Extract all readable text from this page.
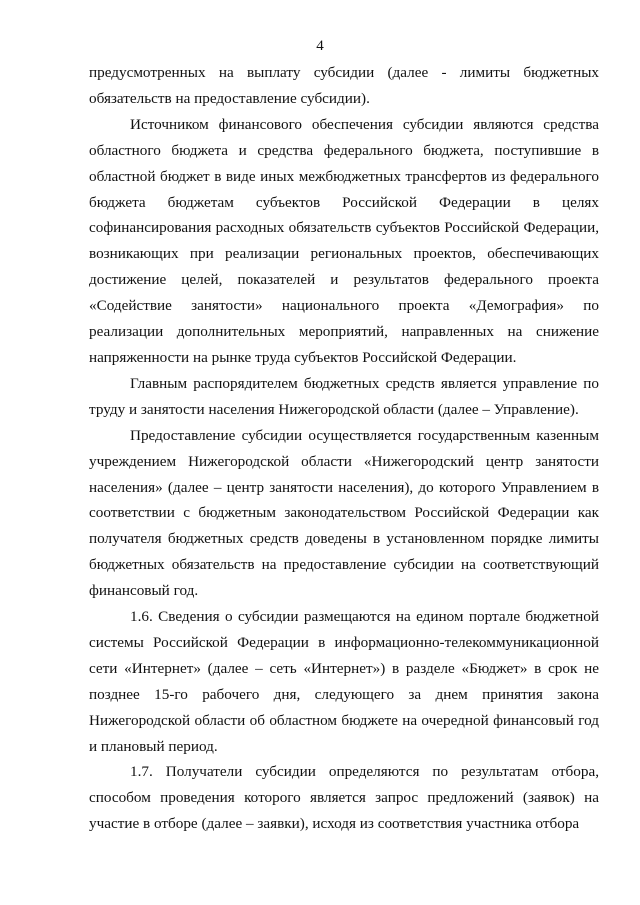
4

предусмотренных на выплату субсидии (далее - лимиты бюджетных обязательств на предоставление субсидии).

Источником финансового обеспечения субсидии являются средства областного бюджета и средства федерального бюджета, поступившие в областной бюджет в виде иных межбюджетных трансфертов из федерального бюджета бюджетам субъектов Российской Федерации в целях софинансирования расходных обязательств субъектов Российской Федерации, возникающих при реализации региональных проектов, обеспечивающих достижение целей, показателей и результатов федерального проекта «Содействие занятости» национального проекта «Демография» по реализации дополнительных мероприятий, направленных на снижение напряженности на рынке труда субъектов Российской Федерации.

Главным распорядителем бюджетных средств является управление по труду и занятости населения Нижегородской области (далее – Управление).

Предоставление субсидии осуществляется государственным казенным учреждением Нижегородской области «Нижегородский центр занятости населения» (далее – центр занятости населения), до которого Управлением в соответствии с бюджетным законодательством Российской Федерации как получателя бюджетных средств доведены в установленном порядке лимиты бюджетных обязательств на предоставление субсидии на соответствующий финансовый год.

1.6. Сведения о субсидии размещаются на едином портале бюджетной системы Российской Федерации в информационно-телекоммуникационной сети «Интернет» (далее – сеть «Интернет») в разделе «Бюджет» в срок не позднее 15-го рабочего дня, следующего за днем принятия закона Нижегородской области об областном бюджете на очередной финансовый год и плановый период.

1.7. Получатели субсидии определяются по результатам отбора, способом проведения которого является запрос предложений (заявок) на участие в отборе (далее – заявки), исходя из соответствия участника отбора
